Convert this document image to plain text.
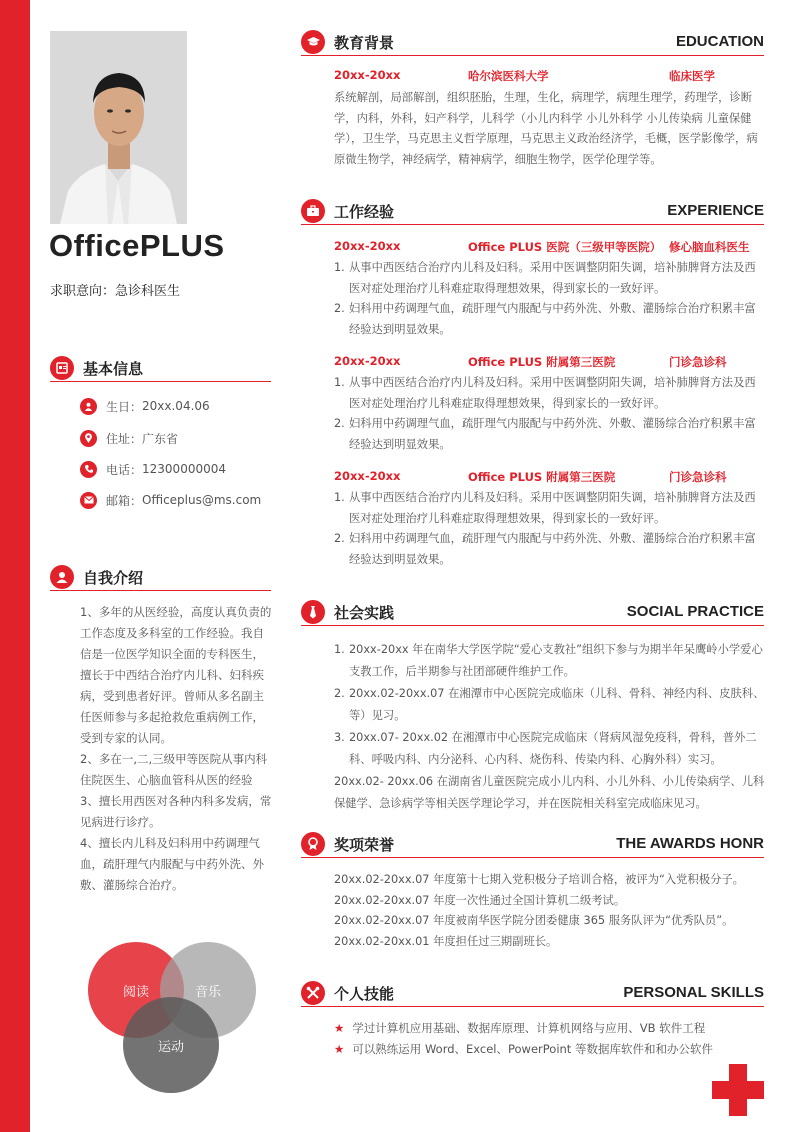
OfficePLUS
求职意向：急诊科医生
基本信息
生日： 20xx.04.06
住址： 广东省
电话： 12300000004
邮箱： Officeplus@ms.com
自我介绍
1、多年的从医经验，高度认真负责的工作态度及多科室的工作经验。我自信是一位医学知识全面的专科医生，擅长于中西结合治疗内儿科、妇科疾病，受到患者好评。曾师从多名副主任医师参与多起抢救危重病例工作，受到专家的认同。
2、多在一,二,三级甲等医院从事内科住院医生、心脑血管科从医的经验
3、擅长用西医对各种内科多发病，常见病进行诊疗。
4、擅长内儿科及妇科用中药调理气血，疏肝理气内服配与中药外洗、外敷、灌肠综合治疗。
阅读	音乐
运动
教育背景	EDUCATION
20xx-20xx	哈尔滨医科大学	临床医学
系统解剖，局部解剖，组织胚胎，生理，生化，病理学，病理生理学，药理学，诊断学，内科，外科，妇产科学，儿科学（小儿内科学 小儿外科学 小儿传染病 儿童保健学），卫生学，马克思主义哲学原理，马克思主义政治经济学，毛概，医学影像学，病原微生物学，神经病学，精神病学，细胞生物学，医学伦理学等。
工作经验	EXPERIENCE
20xx-20xx	Office PLUS 医院（三级甲等医院） 修心脑血科医生
1. 从事中西医结合治疗内儿科及妇科。采用中医调整阴阳失调，培补肺脾肾方法及西医对症处理治疗儿科难症取得理想效果，得到家长的一致好评。
2. 妇科用中药调理气血，疏肝理气内服配与中药外洗、外敷、灌肠综合治疗积累丰富经验达到明显效果。
20xx-20xx	Office PLUS 附属第三医院	门诊急诊科
1. 从事中西医结合治疗内儿科及妇科。采用中医调整阴阳失调，培补肺脾肾方法及西医对症处理治疗儿科难症取得理想效果，得到家长的一致好评。
2. 妇科用中药调理气血，疏肝理气内服配与中药外洗、外敷、灌肠综合治疗积累丰富经验达到明显效果。
20xx-20xx	Office PLUS 附属第三医院	门诊急诊科
1. 从事中西医结合治疗内儿科及妇科。采用中医调整阴阳失调，培补肺脾肾方法及西医对症处理治疗儿科难症取得理想效果，得到家长的一致好评。
2. 妇科用中药调理气血，疏肝理气内服配与中药外洗、外敷、灌肠综合治疗积累丰富经验达到明显效果。
社会实践	SOCIAL PRACTICE
1. 20xx-20xx 年在南华大学医学院“爱心支教社”组织下参与为期半年呆鹰岭小学爱心支教工作，后半期参与社团部硬件维护工作。
2. 20xx.02-20xx.07 在湘潭市中心医院完成临床（儿科、骨科、神经内科、皮肤科、等）见习。
3. 20xx.07- 20xx.02 在湘潭市中心医院完成临床（肾病风湿免疫科，骨科，普外二科、呼吸内科、内分泌科、心内科、烧伤科、传染内科、心胸外科）实习。
20xx.02- 20xx.06 在湖南省儿童医院完成小儿内科、小儿外科、小儿传染病学、儿科保健学、急诊病学等相关医学理论学习，并在医院相关科室完成临床见习。
奖项荣誉	THE AWARDS HONR
20xx.02-20xx.07 年度第十七期入党积极分子培训合格，被评为“入党积极分子。
20xx.02-20xx.07 年度一次性通过全国计算机二级考试。
20xx.02-20xx.07 年度被南华医学院分团委健康 365 服务队评为“优秀队员”。
20xx.02-20xx.01 年度担任过三期副班长。
个人技能	PERSONAL SKILLS
★ 学过计算机应用基础、数据库原理、计算机网络与应用、VB 软件工程
★ 可以熟练运用 Word、Excel、PowerPoint 等数据库软件和和办公软件
